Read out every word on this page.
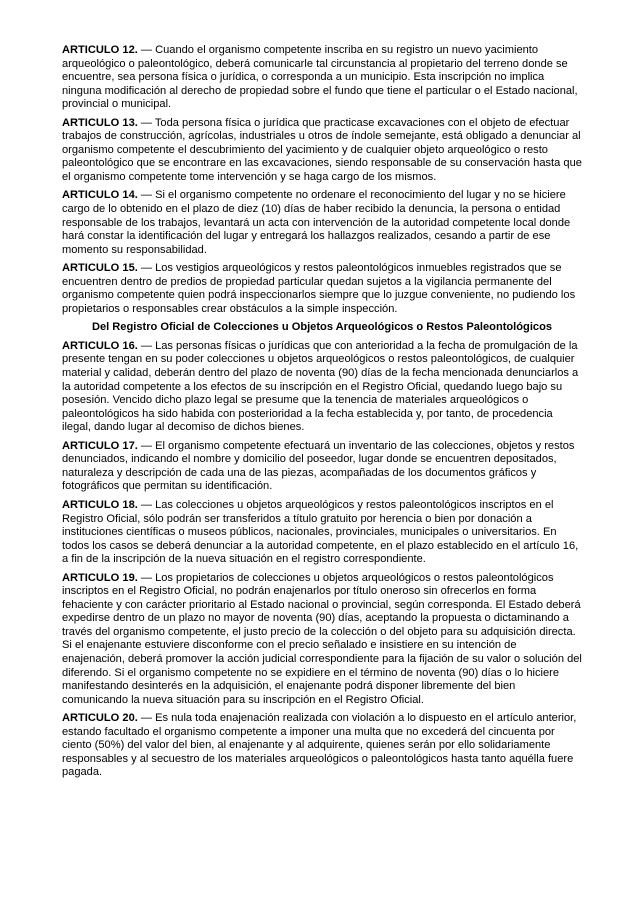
ARTICULO 12. — Cuando el organismo competente inscriba en su registro un nuevo yacimiento arqueológico o paleontológico, deberá comunicarle tal circunstancia al propietario del terreno donde se encuentre, sea persona física o jurídica, o corresponda a un municipio. Esta inscripción no implica ninguna modificación al derecho de propiedad sobre el fundo que tiene el particular o el Estado nacional, provincial o municipal.

ARTICULO 13. — Toda persona física o jurídica que practicase excavaciones con el objeto de efectuar trabajos de construcción, agrícolas, industriales u otros de índole semejante, está obligado a denunciar al organismo competente el descubrimiento del yacimiento y de cualquier objeto arqueológico o resto paleontológico que se encontrare en las excavaciones, siendo responsable de su conservación hasta que el organismo competente tome intervención y se haga cargo de los mismos.

ARTICULO 14. — Si el organismo competente no ordenare el reconocimiento del lugar y no se hiciere cargo de lo obtenido en el plazo de diez (10) días de haber recibido la denuncia, la persona o entidad responsable de los trabajos, levantará un acta con intervención de la autoridad competente local donde hará constar la identificación del lugar y entregará los hallazgos realizados, cesando a partir de ese momento su responsabilidad.

ARTICULO 15. — Los vestigios arqueológicos y restos paleontológicos inmuebles registrados que se encuentren dentro de predios de propiedad particular quedan sujetos a la vigilancia permanente del organismo competente quien podrá inspeccionarlos siempre que lo juzgue conveniente, no pudiendo los propietarios o responsables crear obstáculos a la simple inspección.

Del Registro Oficial de Colecciones u Objetos Arqueológicos o Restos Paleontológicos

ARTICULO 16. — Las personas físicas o jurídicas que con anterioridad a la fecha de promulgación de la presente tengan en su poder colecciones u objetos arqueológicos o restos paleontológicos, de cualquier material y calidad, deberán dentro del plazo de noventa (90) días de la fecha mencionada denunciarlos a la autoridad competente a los efectos de su inscripción en el Registro Oficial, quedando luego bajo su posesión. Vencido dicho plazo legal se presume que la tenencia de materiales arqueológicos o paleontológicos ha sido habida con posterioridad a la fecha establecida y, por tanto, de procedencia ilegal, dando lugar al decomiso de dichos bienes.

ARTICULO 17. — El organismo competente efectuará un inventario de las colecciones, objetos y restos denunciados, indicando el nombre y domicilio del poseedor, lugar donde se encuentren depositados, naturaleza y descripción de cada una de las piezas, acompañadas de los documentos gráficos y fotográficos que permitan su identificación.

ARTICULO 18. — Las colecciones u objetos arqueológicos y restos paleontológicos inscriptos en el Registro Oficial, sólo podrán ser transferidos a título gratuito por herencia o bien por donación a instituciones científicas o museos públicos, nacionales, provinciales, municipales o universitarios. En todos los casos se deberá denunciar a la autoridad competente, en el plazo establecido en el artículo 16, a fin de la inscripción de la nueva situación en el registro correspondiente.

ARTICULO 19. — Los propietarios de colecciones u objetos arqueológicos o restos paleontológicos inscriptos en el Registro Oficial, no podrán enajenarlos por título oneroso sin ofrecerlos en forma fehaciente y con carácter prioritario al Estado nacional o provincial, según corresponda. El Estado deberá expedirse dentro de un plazo no mayor de noventa (90) días, aceptando la propuesta o dictaminando a través del organismo competente, el justo precio de la colección o del objeto para su adquisición directa. Si el enajenante estuviere disconforme con el precio señalado e insistiere en su intención de enajenación, deberá promover la acción judicial correspondiente para la fijación de su valor o solución del diferendo. Si el organismo competente no se expidiere en el término de noventa (90) días o lo hiciere manifestando desinterés en la adquisición, el enajenante podrá disponer libremente del bien comunicando la nueva situación para su inscripción en el Registro Oficial.

ARTICULO 20. — Es nula toda enajenación realizada con violación a lo dispuesto en el artículo anterior, estando facultado el organismo competente a imponer una multa que no excederá del cincuenta por ciento (50%) del valor del bien, al enajenante y al adquirente, quienes serán por ello solidariamente responsables y al secuestro de los materiales arqueológicos o paleontológicos hasta tanto aquélla fuere pagada.
